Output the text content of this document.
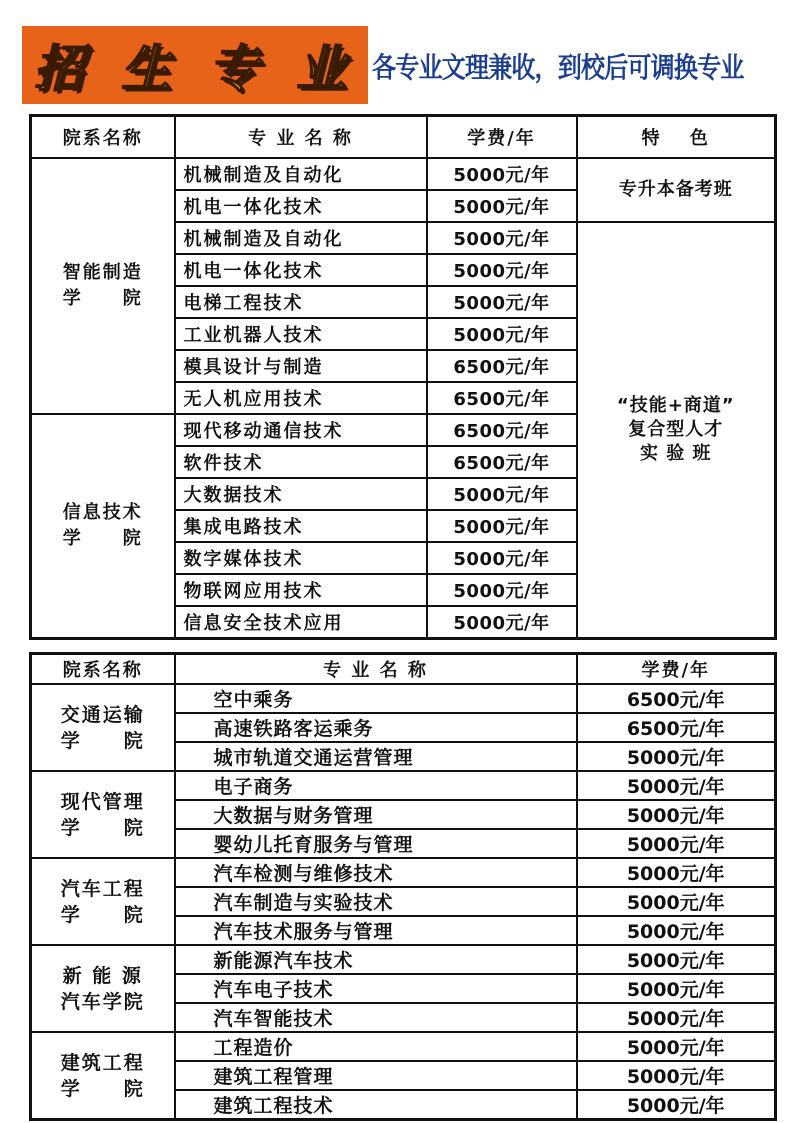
招 生 专 业 各专业文理兼收，到校后可调换专业
院系名称	专 业 名 称	学费/年	特　 色

智能制造
学　　院	机械制造及自动化	5000元/年	专升本备考班

	机电一体化技术	5000元/年	
	机械制造及自动化	5000元/年	“技能+商道”
复合型人才
实 验 班

	机电一体化技术	5000元/年	
	电梯工程技术	5000元/年	
	工业机器人技术	5000元/年	
	模具设计与制造	6500元/年	
	无人机应用技术	6500元/年	

信息技术
学　　院	现代移动通信技术	6500元/年	
	软件技术	6500元/年	
	大数据技术	5000元/年	
	集成电路技术	5000元/年	
	数字媒体技术	5000元/年	
	物联网应用技术	5000元/年	
	信息安全技术应用	5000元/年	
院系名称	专 业 名 称	学费/年

交通运输
学　　院	空中乘务	6500元/年
	高速铁路客运乘务	6500元/年
	城市轨道交通运营管理	5000元/年

现代管理
学　　院	电子商务	5000元/年
	大数据与财务管理	5000元/年
	婴幼儿托育服务与管理	5000元/年

汽车工程
学　　院	汽车检测与维修技术	5000元/年
	汽车制造与实验技术	5000元/年
	汽车技术服务与管理	5000元/年

新 能 源
汽车学院	新能源汽车技术	5000元/年
	汽车电子技术	5000元/年
	汽车智能技术	5000元/年

建筑工程
学　　院	工程造价	5000元/年
	建筑工程管理	5000元/年
	建筑工程技术	5000元/年
